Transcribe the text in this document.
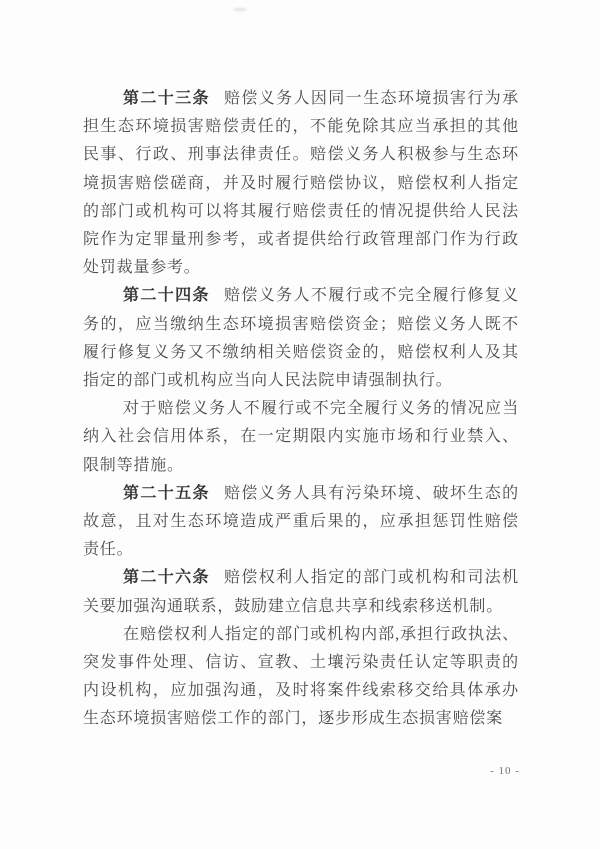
第二十三条 赔偿义务人因同一生态环境损害行为承担生态环境损害赔偿责任的，不能免除其应当承担的其他民事、行政、刑事法律责任。赔偿义务人积极参与生态环境损害赔偿磋商，并及时履行赔偿协议，赔偿权利人指定的部门或机构可以将其履行赔偿责任的情况提供给人民法院作为定罪量刑参考，或者提供给行政管理部门作为行政处罚裁量参考。

第二十四条 赔偿义务人不履行或不完全履行修复义务的，应当缴纳生态环境损害赔偿资金；赔偿义务人既不履行修复义务又不缴纳相关赔偿资金的，赔偿权利人及其指定的部门或机构应当向人民法院申请强制执行。

对于赔偿义务人不履行或不完全履行义务的情况应当纳入社会信用体系，在一定期限内实施市场和行业禁入、限制等措施。

第二十五条 赔偿义务人具有污染环境、破坏生态的故意，且对生态环境造成严重后果的，应承担惩罚性赔偿责任。

第二十六条 赔偿权利人指定的部门或机构和司法机关要加强沟通联系，鼓励建立信息共享和线索移送机制。

在赔偿权利人指定的部门或机构内部,承担行政执法、突发事件处理、信访、宣教、土壤污染责任认定等职责的内设机构，应加强沟通，及时将案件线索移交给具体承办生态环境损害赔偿工作的部门，逐步形成生态损害赔偿案

- 10 -
